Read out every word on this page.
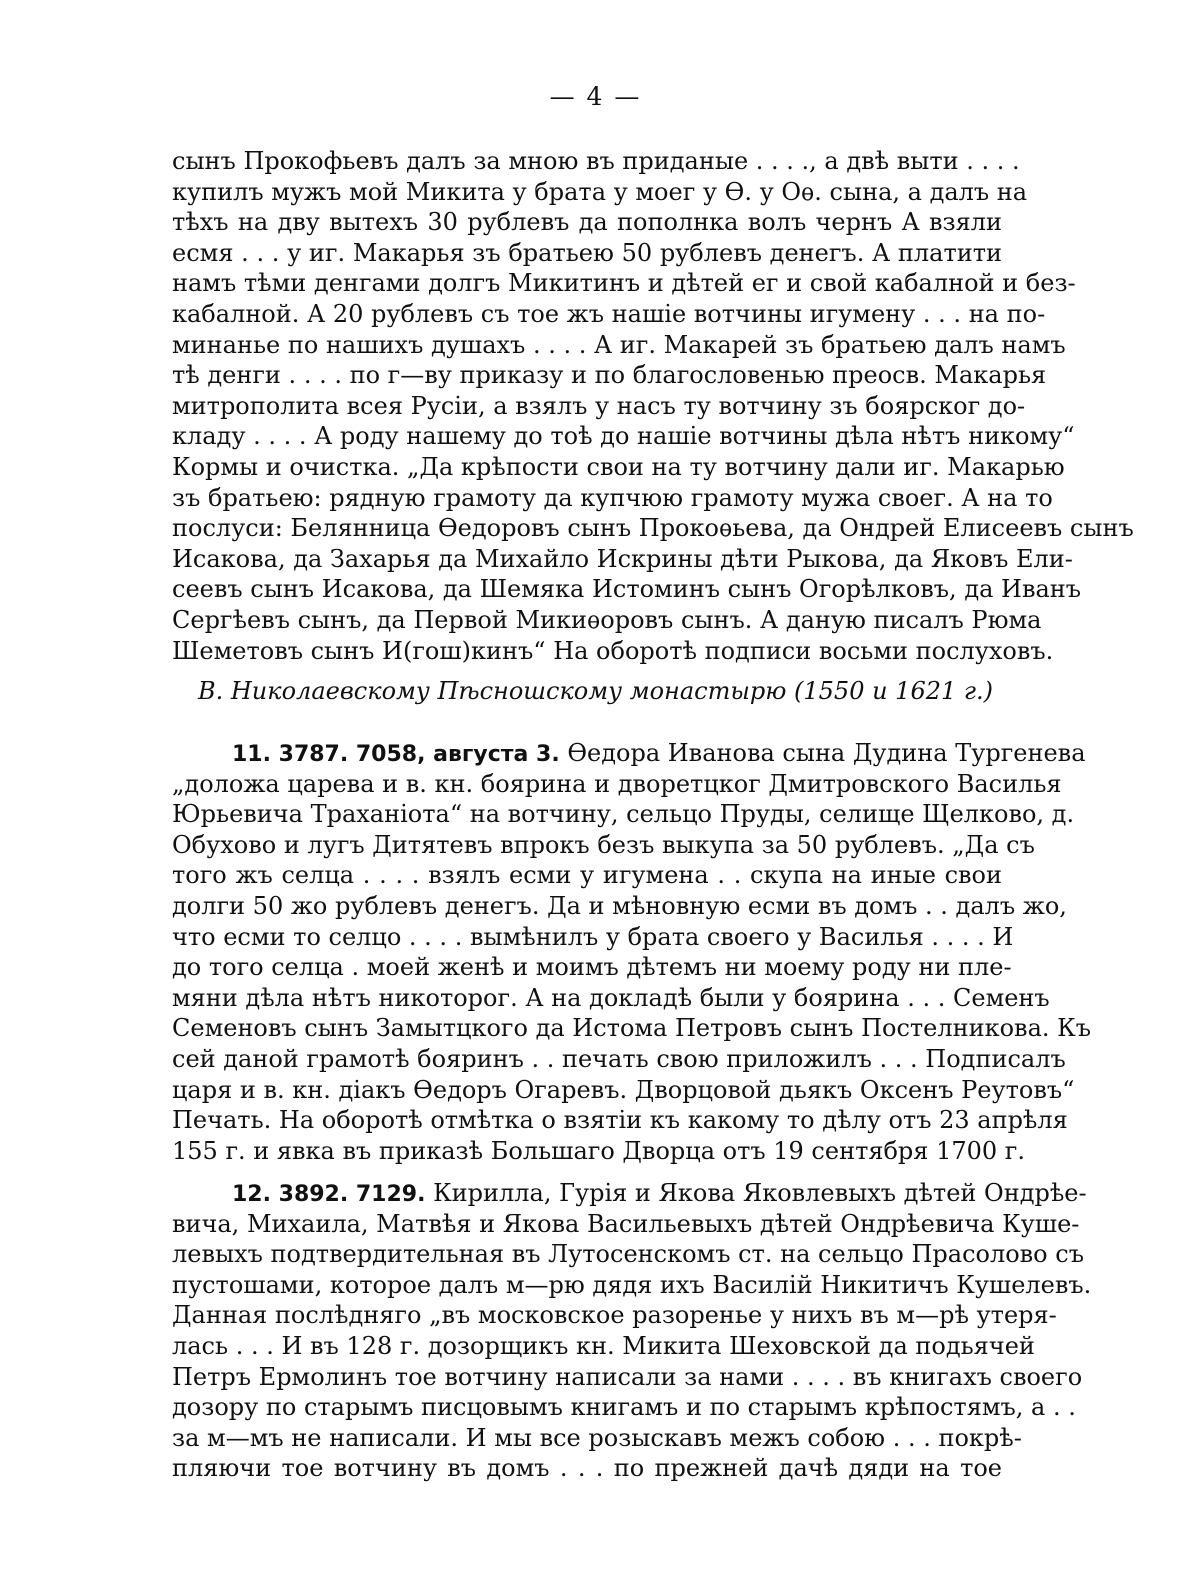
— 4 —
сынъ Прокофьевъ далъ за мною въ приданые . . . ., а двѣ выти . . . .
купилъ мужъ мой Микита у брата у моег у Ѳ. у Оѳ. сына, а далъ на
тѣхъ на дву вытехъ 30 рублевъ да пополнка волъ чернъ А взяли
есмя . . . у иг. Макарья зъ братьею 50 рублевъ денегъ. А платити
намъ тѣми денгами долгъ Микитинъ и дѣтей ег и свой кабалной и без-
кабалной. А 20 рублевъ съ тое жъ нашіе вотчины игумену . . . на по-
минанье по нашихъ душахъ . . . . А иг. Макарей зъ братьею далъ намъ
тѣ денги . . . . по г—ву приказу и по благословенью преосв. Макарья
митрополита всея Русіи, а взялъ у насъ ту вотчину зъ боярског до-
кладу . . . . А роду нашему до тоѣ до нашіе вотчины дѣла нѣтъ никому“
Кормы и очистка. „Да крѣпости свои на ту вотчину дали иг. Макарью
зъ братьею: рядную грамоту да купчюю грамоту мужа своег. А на то
послуси: Белянница Ѳедоровъ сынъ Прокоѳьева, да Ондрей Елисеевъ сынъ
Исакова, да Захарья да Михайло Искрины дѣти Рыкова, да Яковъ Ели-
сеевъ сынъ Исакова, да Шемяка Истоминъ сынъ Огорѣлковъ, да Иванъ
Сергѣевъ сынъ, да Первой Микиѳоровъ сынъ. А даную писалъ Рюма
Шеметовъ сынъ И(гош)кинъ“ На оборотѣ подписи восьми послуховъ.
В. Николаевскому Пѣсношскому монастырю (1550 и 1621 г.)
11. 3787. 7058, августа 3. Ѳедора Иванова сына Дудина Тургенева
„доложа царева и в. кн. боярина и дворетцког Дмитровского Василья
Юрьевича Траханіота“ на вотчину, сельцо Пруды, селище Щелково, д.
Обухово и лугъ Дитятевъ впрокъ безъ выкупа за 50 рублевъ. „Да съ
того жъ селца . . . . взялъ есми у игумена . . скупа на иные свои
долги 50 жо рублевъ денегъ. Да и мѣновную есми въ домъ . . далъ жо,
что есми то селцо . . . . вымѣнилъ у брата своего у Василья . . . . И
до того селца . моей женѣ и моимъ дѣтемъ ни моему роду ни пле-
мяни дѣла нѣтъ никоторог. А на докладѣ были у боярина . . . Семенъ
Семеновъ сынъ Замытцкого да Истома Петровъ сынъ Постелникова. Къ
сей даной грамотѣ бояринъ . . печать свою приложилъ . . . Подписалъ
царя и в. кн. діакъ Ѳедоръ Огаревъ. Дворцовой дьякъ Оксенъ Реутовъ“
Печать. На оборотѣ отмѣтка о взятіи къ какому то дѣлу отъ 23 апрѣля
155 г. и явка въ приказѣ Большаго Дворца отъ 19 сентября 1700 г.
12. 3892. 7129. Кирилла, Гурія и Якова Яковлевыхъ дѣтей Ондрѣе-
вича, Михаила, Матвѣя и Якова Васильевыхъ дѣтей Ондрѣевича Куше-
левыхъ подтвердительная въ Лутосенскомъ ст. на сельцо Прасолово съ
пустошами, которое далъ м—рю дядя ихъ Василій Никитичъ Кушелевъ.
Данная послѣдняго „въ московское разоренье у нихъ въ м—рѣ утеря-
лась . . . И въ 128 г. дозорщикъ кн. Микита Шеховской да подьячей
Петръ Ермолинъ тое вотчину написали за нами . . . . въ книгахъ своего
дозору по старымъ писцовымъ книгамъ и по старымъ крѣпостямъ, а . .
за м—мъ не написали. И мы все розыскавъ межъ собою . . . покрѣ-
пляючи тое вотчину въ домъ . . . по прежней дачѣ дяди на тое
